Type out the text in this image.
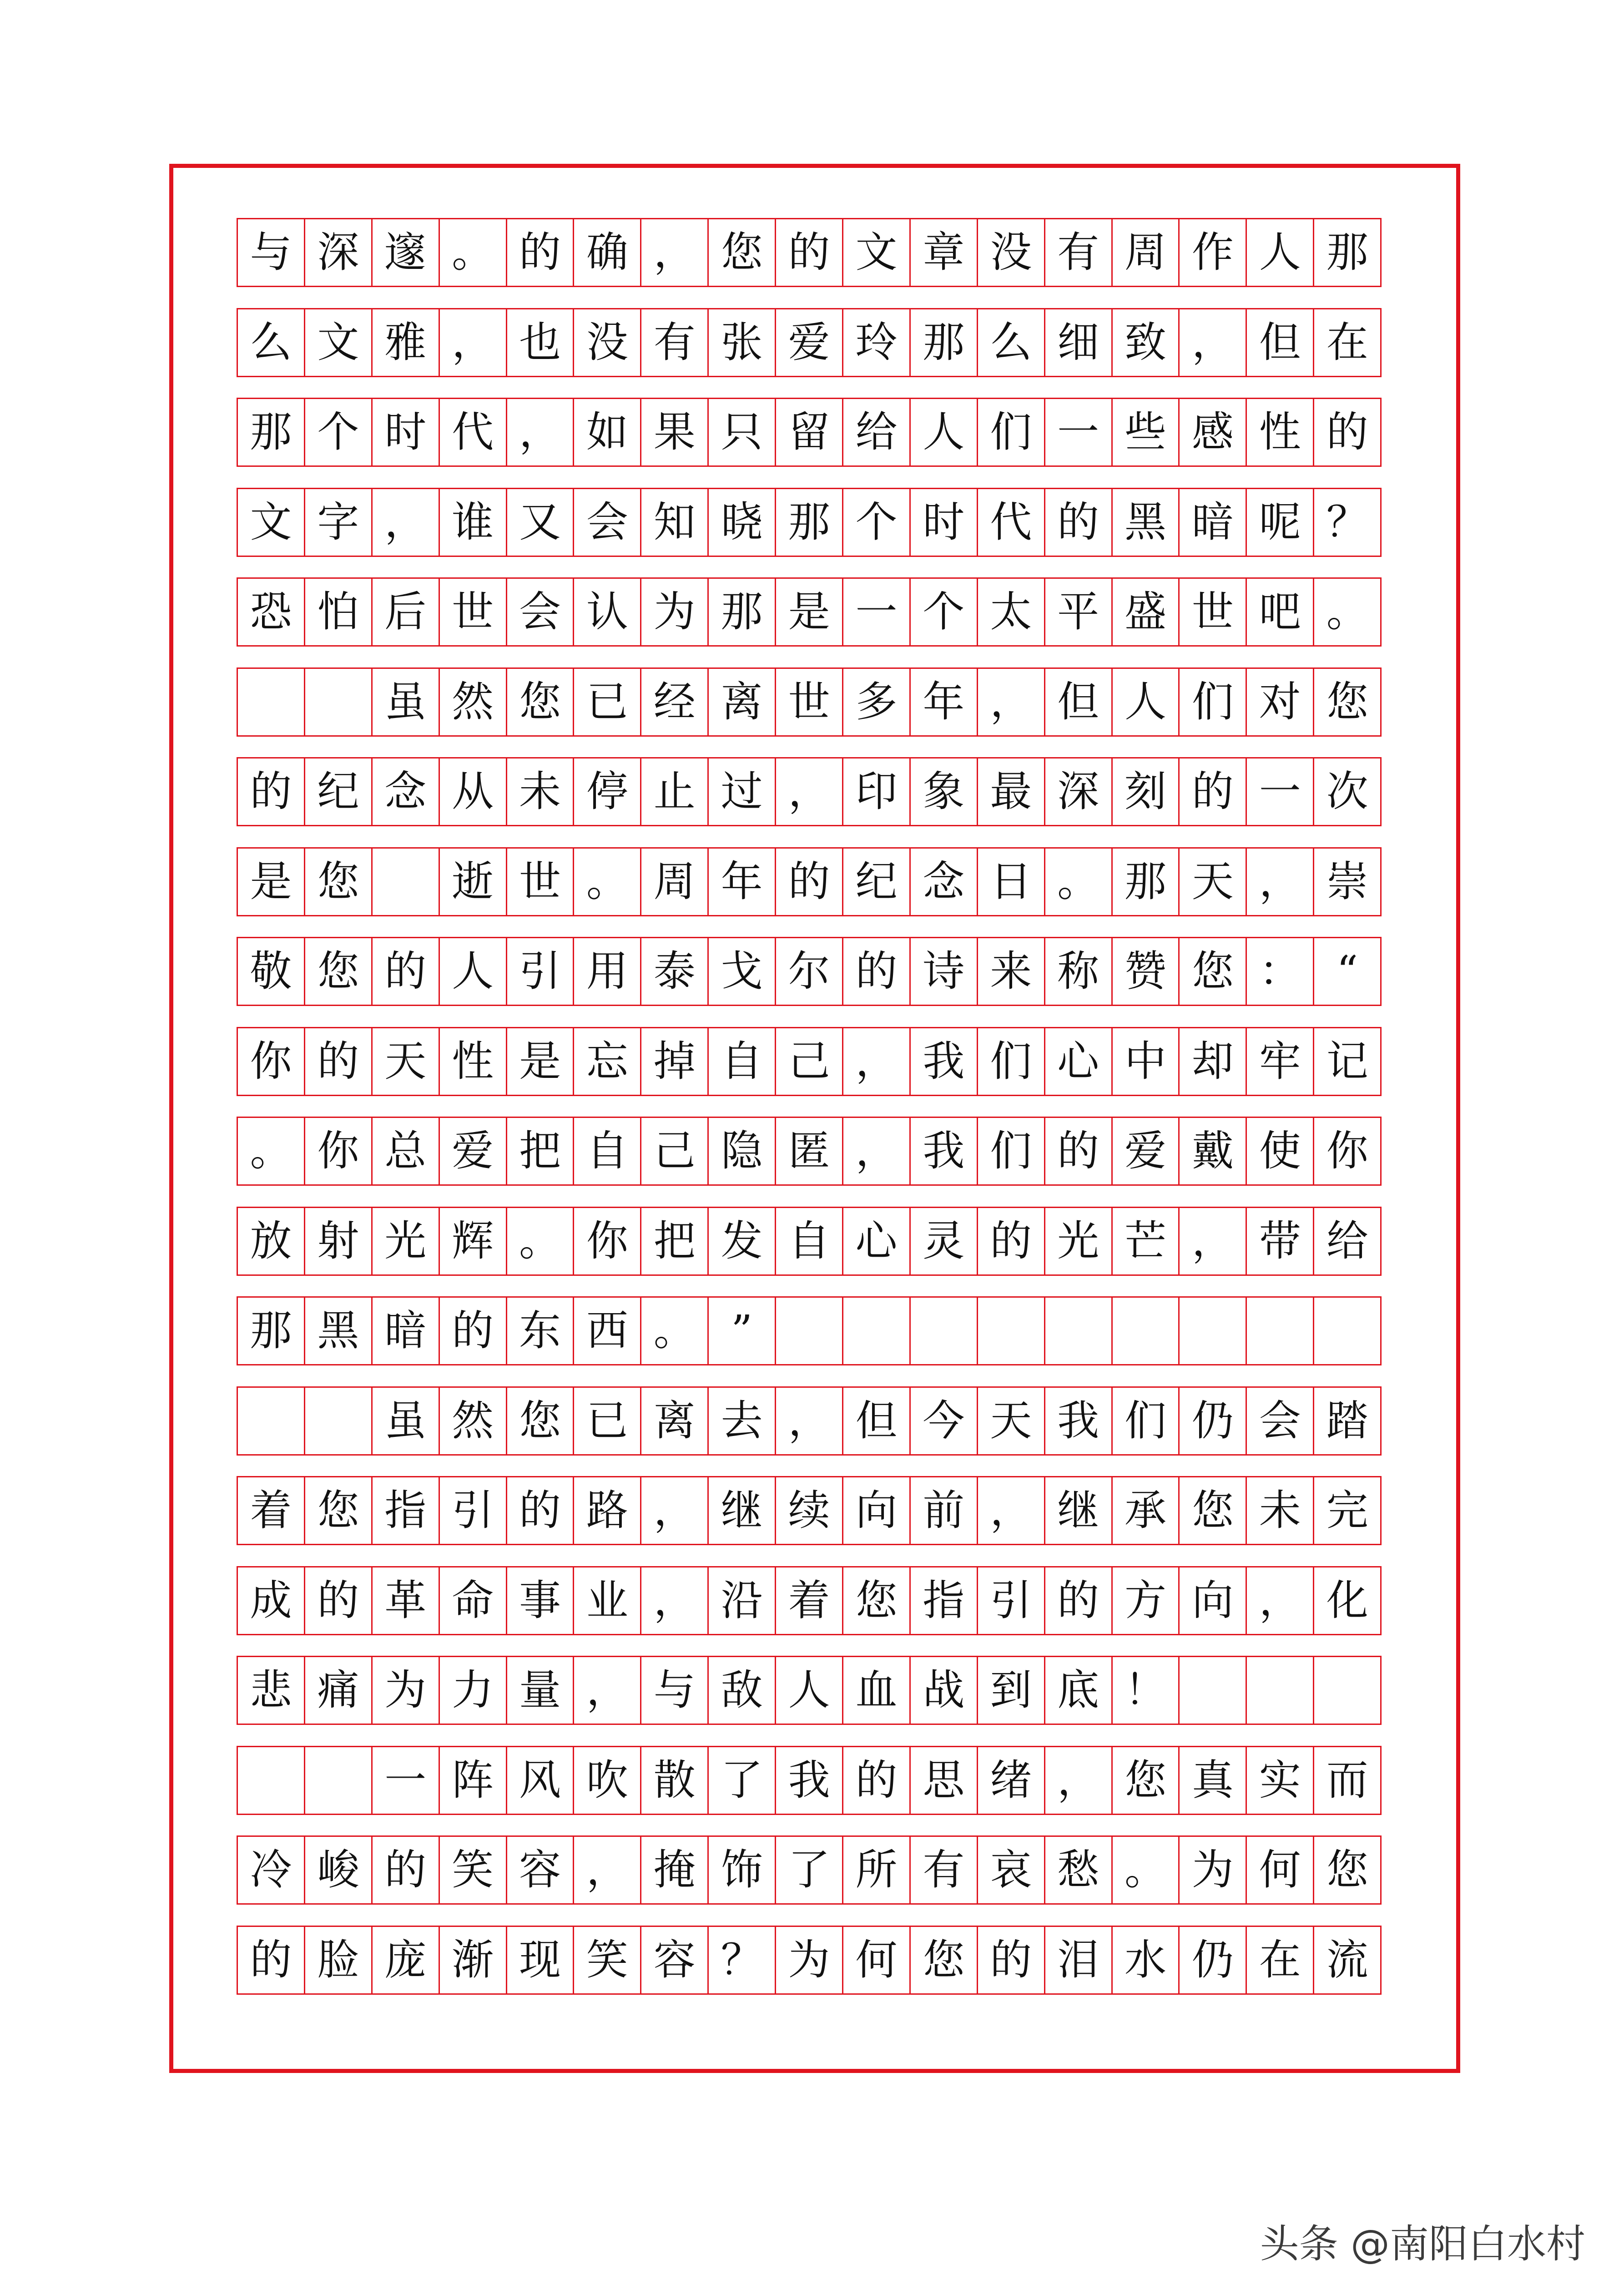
与 深 邃 。 的 确 ， 您 的 文 章 没 有 周 作 人 那
么 文 雅 ， 也 没 有 张 爱 玲 那 么 细 致 ， 但 在
那 个 时 代 ， 如 果 只 留 给 人 们 一 些 感 性 的
文 字 ， 谁 又 会 知 晓 那 个 时 代 的 黑 暗 呢 ？
恐 怕 后 世 会 认 为 那 是 一 个 太 平 盛 世 吧 。
虽 然 您 已 经 离 世 多 年 ， 但 人 们 对 您
的 纪 念 从 未 停 止 过 ， 印 象 最 深 刻 的 一 次
是 您	逝 世 。 周 年 的 纪 念 日 。 那 天 ， 崇
敬 您 的 人 引 用 泰 戈 尔 的 诗 来 称 赞 您 ： “
你 的 天 性 是 忘 掉 自 己 ， 我 们 心 中 却 牢 记
。 你 总 爱 把 自 己 隐 匿 ， 我 们 的 爱 戴 使 你
放 射 光 辉 。 你 把 发 自 心 灵 的 光 芒 ， 带 给
那 黑 暗 的 东 西 。 ”
虽 然 您 已 离 去 ， 但 今 天 我 们 仍 会 踏
着 您 指 引 的 路 ， 继 续 向 前 ， 继 承 您 未 完
成 的 革 命 事 业 ， 沿 着 您 指 引 的 方 向 ， 化
悲 痛 为 力 量 ， 与 敌 人 血 战 到 底 ！
一 阵 风 吹 散 了 我 的 思 绪 ， 您 真 实 而
冷 峻 的 笑 容 ， 掩 饰 了 所 有 哀 愁 。 为 何 您
的 脸 庞 渐 现 笑 容 ？ 为 何 您 的 泪 水 仍 在 流
头条 @南阳白水村
